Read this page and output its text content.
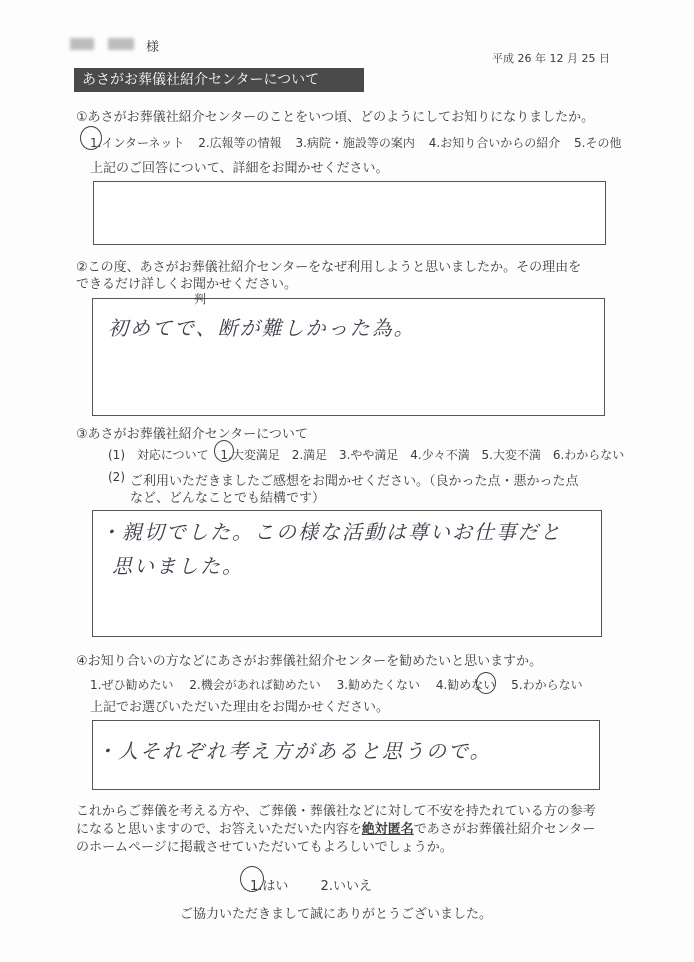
様
平成 26 年 12 月 25 日
あさがお葬儀社紹介センターについて
①あさがお葬儀社紹介センターのことをいつ頃、どのようにしてお知りになりましたか。
1.インターネット 2.広報等の情報 3.病院・施設等の案内 4.お知り合いからの紹介 5.その他
上記のご回答について、詳細をお聞かせください。
②この度、あさがお葬儀社紹介センターをなぜ利用しようと思いましたか。その理由を
できるだけ詳しくお聞かせください。
判
初めてで、断が難しかった為。
③あさがお葬儀社紹介センターについて
(1) 対応について 1.大変満足 2.満足 3.やや満足 4.少々不満 5.大変不満 6.わからない
(2) ご利用いただきましたご感想をお聞かせください。（良かった点・悪かった点
など、どんなことでも結構です）
・親切でした。この様な活動は尊いお仕事だと
思いました。
④お知り合いの方などにあさがお葬儀社紹介センターを勧めたいと思いますか。
1.ぜひ勧めたい 2.機会があれば勧めたい 3.勧めたくない 4.勧めない 5.わからない
上記でお選びいただいた理由をお聞かせください。
・人それぞれ考え方があると思うので。
これからご葬儀を考える方や、ご葬儀・葬儀社などに対して不安を持たれている方の参考
になると思いますので、お答えいただいた内容を絶対匿名であさがお葬儀社紹介センター
のホームページに掲載させていただいてもよろしいでしょうか。
1.はい 2.いいえ
ご協力いただきまして誠にありがとうございました。
